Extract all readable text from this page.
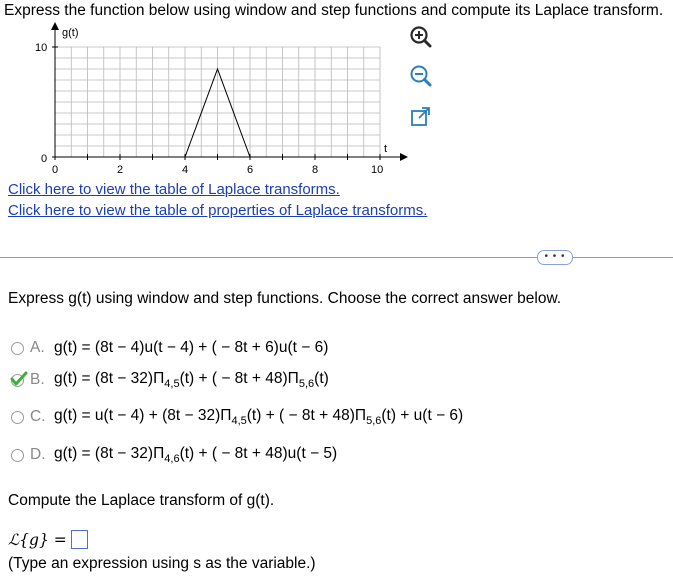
Express the function below using window and step functions and compute its Laplace transform.
g(t)
t
10
0
0	2	4	6	8	10
Click here to view the table of Laplace transforms.
Click here to view the table of properties of Laplace transforms.
• • •
Express g(t) using window and step functions. Choose the correct answer below.
A. g(t) = (8t − 4)u(t − 4) + ( − 8t + 6)u(t − 6)
B. $g(t) = (8t - 32)\Pi_{4,5}(t)$ + ( − $8t + 48)\Pi_{5,6}(t)$
C. $g(t) = u(t - 4) + (8t - 32)\Pi_{4,5}(t)$ + ( − $8t + 48)\Pi_{5,6}(t) + u(t - 6)$
D. $g(t) = (8t - 32)\Pi_{4,6}(t)$ + ( − 8t + 48)u(t − 5)
Compute the Laplace transform of g(t).
ℒ{g} =
(Type an expression using s as the variable.)
